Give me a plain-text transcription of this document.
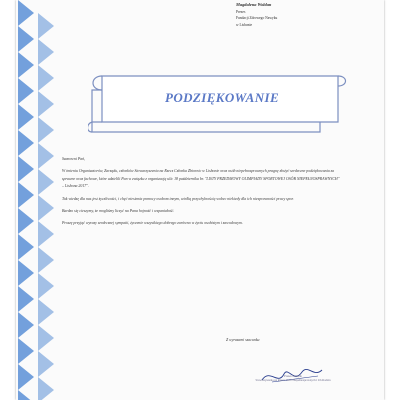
Magdalena Wołdan
Prezes
Fundacji Zdrowego Nawyku
w Lisbonie
PODZIĘKOWANIE

Szanowni Pań,

W imieniu Organizatorów, Zarządu, członków Stowarzyszenia na Rzecz Członka Zbiornic w Lisbonie oraz osób niepełnosprawnych pragnę złożyć serdeczne podziękowania za sprawne oraz fachowe, które udzielili Pan w związku z organizacją ulic 18 października br. "LISTY PRZEDMOWY OLIMPIADY SPORTOWEJ OSÓB NIEPEŁNOSPRAWNYCH" – Lisbona 2017".

Tak wiedzę dla nas jest życzliwości, i chęć niesienia pomocy osobom innym, wielką przychylnością wobec niekiedy dla ich niesprawności pracy spor.

Bardzo się cieszymy, że mogliśmy liczyć na Pana hojność i wspaniałość.

Proszę przyjąć wyrazy serdecznej sympatii, życzenie wszystkiego dobrego zarówno w życiu osobistym i zawodowym.

Z wyrazami szacunku
Prezes Zarządu
Stowarzyszenia na Rzecz Osób Niepełnosprawnych i Ich Rodzin
